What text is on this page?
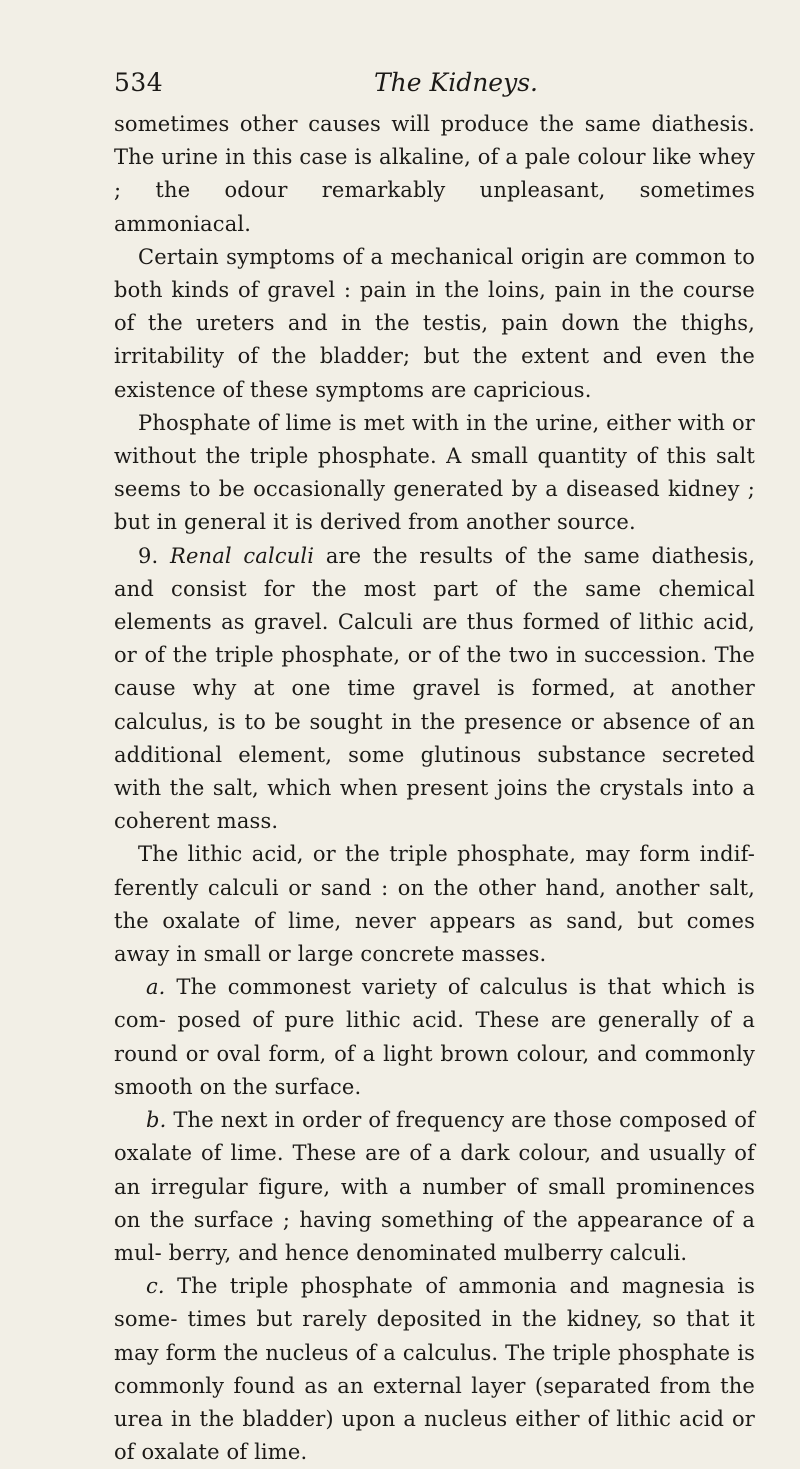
534	The Kidneys.

sometimes other causes will produce the same diathesis. The urine in this case is alkaline, of a pale colour like whey ; the odour remarkably unpleasant, sometimes ammoniacal.

Certain symptoms of a mechanical origin are common to both kinds of gravel : pain in the loins, pain in the course of the ureters and in the testis, pain down the thighs, irritability of the bladder; but the extent and even the existence of these symptoms are capricious.

Phosphate of lime is met with in the urine, either with or without the triple phosphate. A small quantity of this salt seems to be occasionally generated by a diseased kidney ; but in general it is derived from another source.

9. Renal calculi are the results of the same diathesis, and consist for the most part of the same chemical elements as gravel. Calculi are thus formed of lithic acid, or of the triple phosphate, or of the two in succession. The cause why at one time gravel is formed, at another calculus, is to be sought in the presence or absence of an additional element, some glutinous substance secreted with the salt, which when present joins the crystals into a coherent mass.

The lithic acid, or the triple phosphate, may form indif- ferently calculi or sand : on the other hand, another salt, the oxalate of lime, never appears as sand, but comes away in small or large concrete masses.

a. The commonest variety of calculus is that which is com- posed of pure lithic acid. These are generally of a round or oval form, of a light brown colour, and commonly smooth on the surface.

b. The next in order of frequency are those composed of oxalate of lime. These are of a dark colour, and usually of an irregular figure, with a number of small prominences on the surface ; having something of the appearance of a mul- berry, and hence denominated mulberry calculi.

c. The triple phosphate of ammonia and magnesia is some- times but rarely deposited in the kidney, so that it may form the nucleus of a calculus. The triple phosphate is commonly found as an external layer (separated from the urea in the bladder) upon a nucleus either of lithic acid or of oxalate of lime.
